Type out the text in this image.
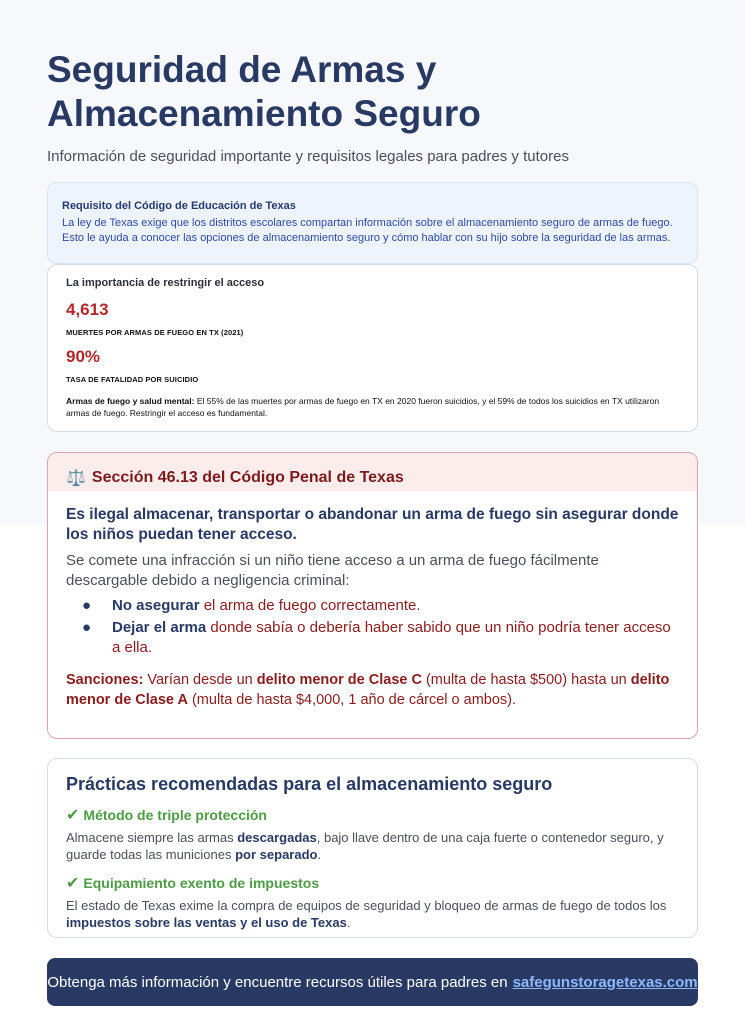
Seguridad de Armas y
Almacenamiento Seguro
Información de seguridad importante y requisitos legales para padres y tutores
Requisito del Código de Educación de Texas
La ley de Texas exige que los distritos escolares compartan información sobre el almacenamiento seguro de armas de fuego. Esto le ayuda a conocer las opciones de almacenamiento seguro y cómo hablar con su hijo sobre la seguridad de las armas.
La importancia de restringir el acceso
4,613
MUERTES POR ARMAS DE FUEGO EN TX (2021)
90%
TASA DE FATALIDAD POR SUICIDIO
Armas de fuego y salud mental: El 55% de las muertes por armas de fuego en TX en 2020 fueron suicidios, y el 59% de todos los suicidios en TX utilizaron armas de fuego. Restringir el acceso es fundamental.
⚖️ Sección 46.13 del Código Penal de Texas
Es ilegal almacenar, transportar o abandonar un arma de fuego sin asegurar donde los niños puedan tener acceso.
Se comete una infracción si un niño tiene acceso a un arma de fuego fácilmente descargable debido a negligencia criminal:
● No asegurar el arma de fuego correctamente.
● Dejar el arma donde sabía o debería haber sabido que un niño podría tener acceso a ella.
Sanciones: Varían desde un delito menor de Clase C (multa de hasta $500) hasta un delito menor de Clase A (multa de hasta $4,000, 1 año de cárcel o ambos).
Prácticas recomendadas para el almacenamiento seguro
✔ Método de triple protección
Almacene siempre las armas descargadas, bajo llave dentro de una caja fuerte o contenedor seguro, y guarde todas las municiones por separado.
✔ Equipamiento exento de impuestos
El estado de Texas exime la compra de equipos de seguridad y bloqueo de armas de fuego de todos los impuestos sobre las ventas y el uso de Texas.
Obtenga más información y encuentre recursos útiles para padres en safegunstoragetexas.com
